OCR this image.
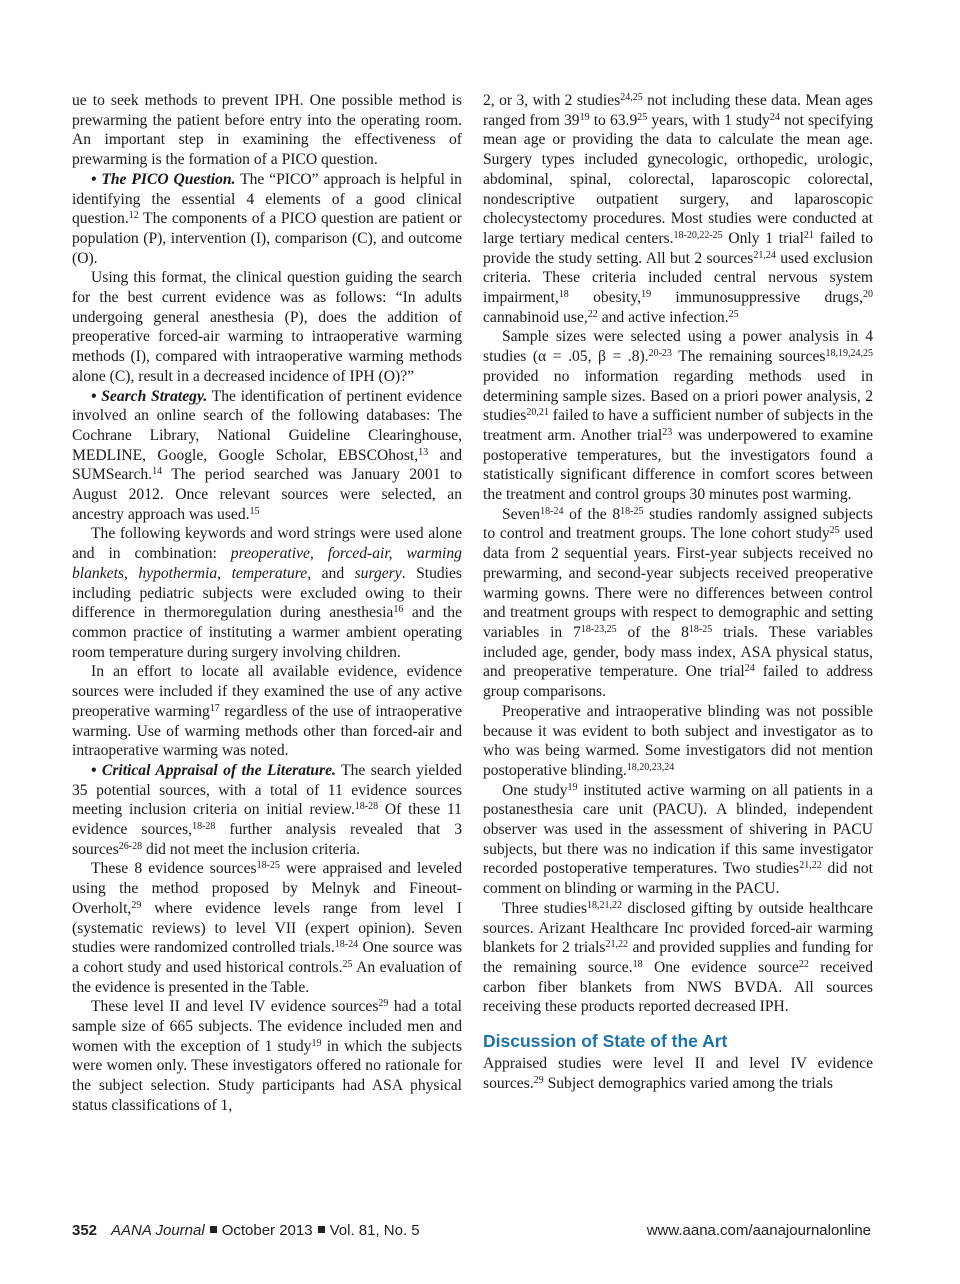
ue to seek methods to prevent IPH. One possible method is prewarming the patient before entry into the operating room. An important step in examining the effectiveness of prewarming is the formation of a PICO question.

• The PICO Question. The “PICO” approach is helpful in identifying the essential 4 elements of a good clinical question.$^{12}$ The components of a PICO question are patient or population (P), intervention (I), comparison (C), and outcome (O).

Using this format, the clinical question guiding the search for the best current evidence was as follows: “In adults undergoing general anesthesia (P), does the addition of preoperative forced-air warming to intraoperative warming methods (I), compared with intraoperative warming methods alone (C), result in a decreased incidence of IPH (O)?”

• Search Strategy. The identification of pertinent evidence involved an online search of the following databases: The Cochrane Library, National Guideline Clearinghouse, MEDLINE, Google, Google Scholar, EBSCOhost,$^{13}$ and SUMSearch.$^{14}$ The period searched was January 2001 to August 2012. Once relevant sources were selected, an ancestry approach was used.$^{15}$

The following keywords and word strings were used alone and in combination: preoperative, forced-air, warming blankets, hypothermia, temperature, and surgery. Studies including pediatric subjects were excluded owing to their difference in thermoregulation during anesthesia$^{16}$ and the common practice of instituting a warmer ambient operating room temperature during surgery involving children.

In an effort to locate all available evidence, evidence sources were included if they examined the use of any active preoperative warming$^{17}$ regardless of the use of intraoperative warming. Use of warming methods other than forced-air and intraoperative warming was noted.

• Critical Appraisal of the Literature. The search yielded 35 potential sources, with a total of 11 evidence sources meeting inclusion criteria on initial review.$^{18-28}$ Of these 11 evidence sources,$^{18-28}$ further analysis revealed that 3 sources$^{26-28}$ did not meet the inclusion criteria.

These 8 evidence sources$^{18-25}$ were appraised and leveled using the method proposed by Melnyk and Fineout-Overholt,$^{29}$ where evidence levels range from level I (systematic reviews) to level VII (expert opinion). Seven studies were randomized controlled trials.$^{18-24}$ One source was a cohort study and used historical controls.$^{25}$ An evaluation of the evidence is presented in the Table.

These level II and level IV evidence sources$^{29}$ had a total sample size of 665 subjects. The evidence included men and women with the exception of 1 study$^{19}$ in which the subjects were women only. These investigators offered no rationale for the subject selection. Study participants had ASA physical status classifications of 1,

2, or 3, with 2 studies$^{24,25}$ not including these data. Mean ages ranged from $39^{19}$ to 63.9$^{25}$ years, with 1 study$^{24}$ not specifying mean age or providing the data to calculate the mean age. Surgery types included gynecologic, orthopedic, urologic, abdominal, spinal, colorectal, laparoscopic colorectal, nondescriptive outpatient surgery, and laparoscopic cholecystectomy procedures. Most studies were conducted at large tertiary medical centers.$^{18-20,22-25}$ Only 1 trial$^{21}$ failed to provide the study setting. All but 2 sources$^{21,24}$ used exclusion criteria. These criteria included central nervous system impairment,$^{18}$ obesity,$^{19}$ immunosuppressive drugs,$^{20}$ cannabinoid use,$^{22}$ and active infection.$^{25}$

Sample sizes were selected using a power analysis in 4 studies (α = .05, β = .8).$^{20-23}$ The remaining sources$^{18,19,24,25}$ provided no information regarding methods used in determining sample sizes. Based on a priori power analysis, 2 studies$^{20,21}$ failed to have a sufficient number of subjects in the treatment arm. Another trial$^{23}$ was underpowered to examine postoperative temperatures, but the investigators found a statistically significant difference in comfort scores between the treatment and control groups 30 minutes post warming.

Seven$^{18-24}$ of the 8$^{18-25}$ studies randomly assigned subjects to control and treatment groups. The lone cohort study$^{25}$ used data from 2 sequential years. First-year subjects received no prewarming, and second-year subjects received preoperative warming gowns. There were no differences between control and treatment groups with respect to demographic and setting variables in 7$^{18-23,25}$ of the 8$^{18-25}$ trials. These variables included age, gender, body mass index, ASA physical status, and preoperative temperature. One trial$^{24}$ failed to address group comparisons.

Preoperative and intraoperative blinding was not possible because it was evident to both subject and investigator as to who was being warmed. Some investigators did not mention postoperative blinding.$^{18,20,23,24}$

One study$^{19}$ instituted active warming on all patients in a postanesthesia care unit (PACU). A blinded, independent observer was used in the assessment of shivering in PACU subjects, but there was no indication if this same investigator recorded postoperative temperatures. Two studies$^{21,22}$ did not comment on blinding or warming in the PACU.

Three studies$^{18,21,22}$ disclosed gifting by outside healthcare sources. Arizant Healthcare Inc provided forced-air warming blankets for 2 trials$^{21,22}$ and provided supplies and funding for the remaining source.$^{18}$ One evidence source$^{22}$ received carbon fiber blankets from NWS BVDA. All sources receiving these products reported decreased IPH.

Discussion of State of the Art

Appraised studies were level II and level IV evidence sources.$^{29}$ Subject demographics varied among the trials

352 AANA Journal October 2013 Vol. 81, No. 5	www.aana.com/aanajournalonline
